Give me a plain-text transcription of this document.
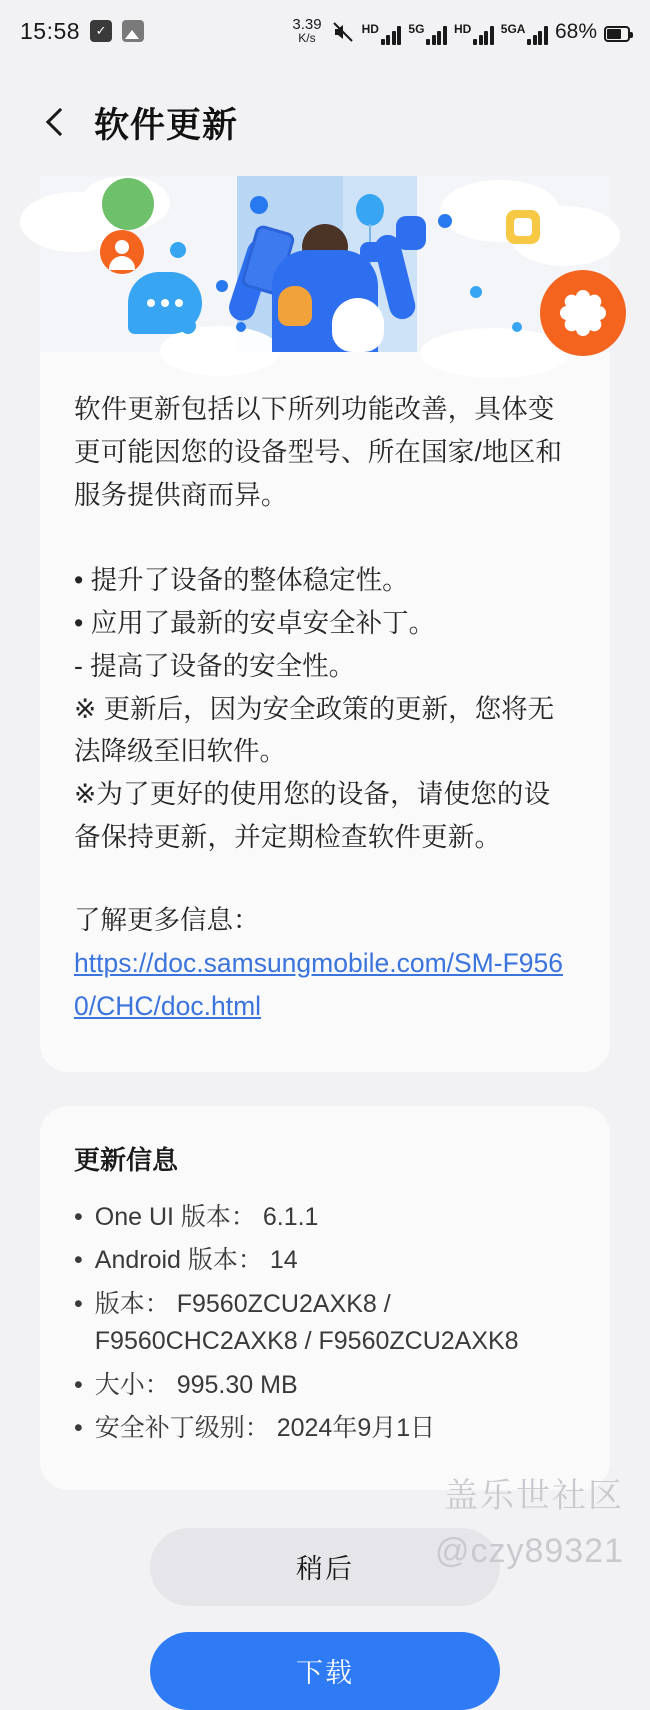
15:58	✓	3.39
K/s
HD 5G HD 5GA 68%
软件更新
软件更新包括以下所列功能改善，具体变更可能因您的设备型号、所在国家/地区和服务提供商而异。
• 提升了设备的整体稳定性。
• 应用了最新的安卓安全补丁。
- 提高了设备的安全性。
※ 更新后，因为安全政策的更新，您将无法降级至旧软件。
※为了更好的使用您的设备，请使您的设备保持更新，并定期检查软件更新。
了解更多信息：
https://doc.samsungmobile.com/SM-F9560/CHC/doc.html
更新信息
• One UI 版本： 6.1.1
• Android 版本： 14
• 版本： F9560ZCU2AXK8 / F9560CHC2AXK8 / F9560ZCU2AXK8
• 大小： 995.30 MB
• 安全补丁级别： 2024年9月1日
稍后
下载
盖乐世社区
@czy89321
